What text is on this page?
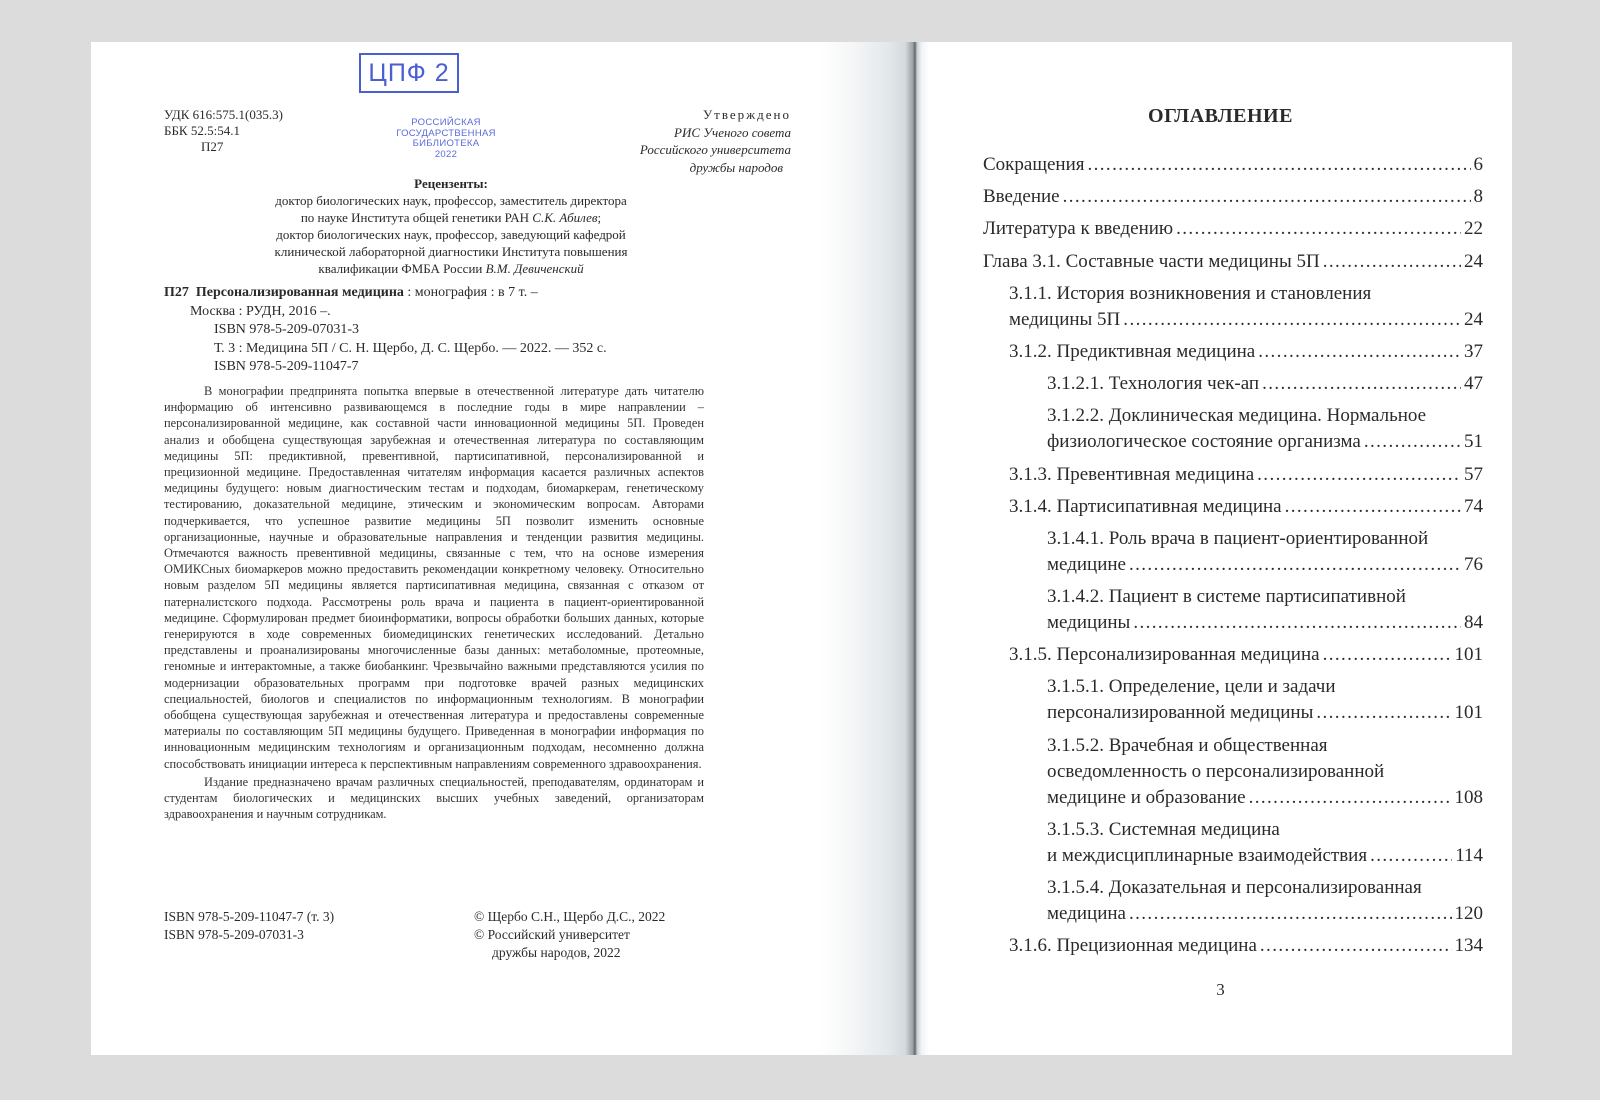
ЦПФ 2
РОССИЙСКАЯ
ГОСУДАРСТВЕННАЯ
БИБЛИОТЕКА
2022
УДК 616:575.1(035.3)
ББК 52.5:54.1
П27
Утверждено
РИС Ученого совета
Российского университета
дружбы народов
Рецензенты:
доктор биологических наук, профессор, заместитель директора
по науке Института общей генетики РАН С.К. Абилев;
доктор биологических наук, профессор, заведующий кафедрой
клинической лабораторной диагностики Института повышения
квалификации ФМБА России В.М. Девиченский
П27 Персонализированная медицина : монография : в 7 т. –
Москва : РУДН, 2016 –.
ISBN 978-5-209-07031-3
Т. 3 : Медицина 5П / С. Н. Щербо, Д. С. Щербо. — 2022. — 352 с.
ISBN 978-5-209-11047-7

В монографии предпринята попытка впервые в отечественной литературе дать читателю информацию об интенсивно развивающемся в последние годы в мире направлении – персонализированной медицине, как составной части инновационной медицины 5П. Проведен анализ и обобщена существующая зарубежная и отечественная литература по составляющим медицины 5П: предиктивной, превентивной, партисипативной, персонализированной и прецизионной медицине. Предоставленная читателям информация касается различных аспектов медицины будущего: новым диагностическим тестам и подходам, биомаркерам, генетическому тестированию, доказательной медицине, этическим и экономическим вопросам. Авторами подчеркивается, что успешное развитие медицины 5П позволит изменить основные организационные, научные и образовательные направления и тенденции развития медицины. Отмечаются важность превентивной медицины, связанные с тем, что на основе измерения ОМИКСных биомаркеров можно предоставить рекомендации конкретному человеку. Относительно новым разделом 5П медицины является партисипативная медицина, связанная с отказом от патерналистского подхода. Рассмотрены роль врача и пациента в пациент-ориентированной медицине. Сформулирован предмет биоинформатики, вопросы обработки больших данных, которые генерируются в ходе современных биомедицинских генетических исследований. Детально представлены и проанализированы многочисленные базы данных: метаболомные, протеомные, геномные и интерактомные, а также биобанкинг. Чрезвычайно важными представляются усилия по модернизации образовательных программ при подготовке врачей разных медицинских специальностей, биологов и специалистов по информационным технологиям. В монографии обобщена существующая зарубежная и отечественная литература и предоставлены современные материалы по составляющим 5П медицины будущего. Приведенная в монографии информация по инновационным медицинским технологиям и организационным подходам, несомненно должна способствовать инициации интереса к перспективным направлениям современного здравоохранения.

Издание предназначено врачам различных специальностей, преподавателям, ординаторам и студентам биологических и медицинских высших учебных заведений, организаторам здравоохранения и научным сотрудникам.

ISBN 978-5-209-11047-7 (т. 3)
ISBN 978-5-209-07031-3
© Щербо С.Н., Щербо Д.С., 2022
© Российский университет
дружбы народов, 2022
ОГЛАВЛЕНИЕ
Сокращения .....	6
Введение .....	8
Литература к введению .....	22
Глава 3.1. Составные части медицины 5П .....	24
3.1.1. История возникновения и становления
медицины 5П .....	24
3.1.2. Предиктивная медицина .....	37
3.1.2.1. Технология чек-ап .....	47
3.1.2.2. Доклиническая медицина. Нормальное
физиологическое состояние организма .....	51
3.1.3. Превентивная медицина .....	57
3.1.4. Партисипативная медицина .....	74
3.1.4.1. Роль врача в пациент-ориентированной
медицине .....	76
3.1.4.2. Пациент в системе партисипативной
медицины .....	84
3.1.5. Персонализированная медицина .....	101
3.1.5.1. Определение, цели и задачи
персонализированной медицины .....	101
3.1.5.2. Врачебная и общественная
осведомленность о персонализированной
медицине и образование .....	108
3.1.5.3. Системная медицина
и междисциплинарные взаимодействия .....	114
3.1.5.4. Доказательная и персонализированная
медицина .....	120
3.1.6. Прецизионная медицина .....	134
3
